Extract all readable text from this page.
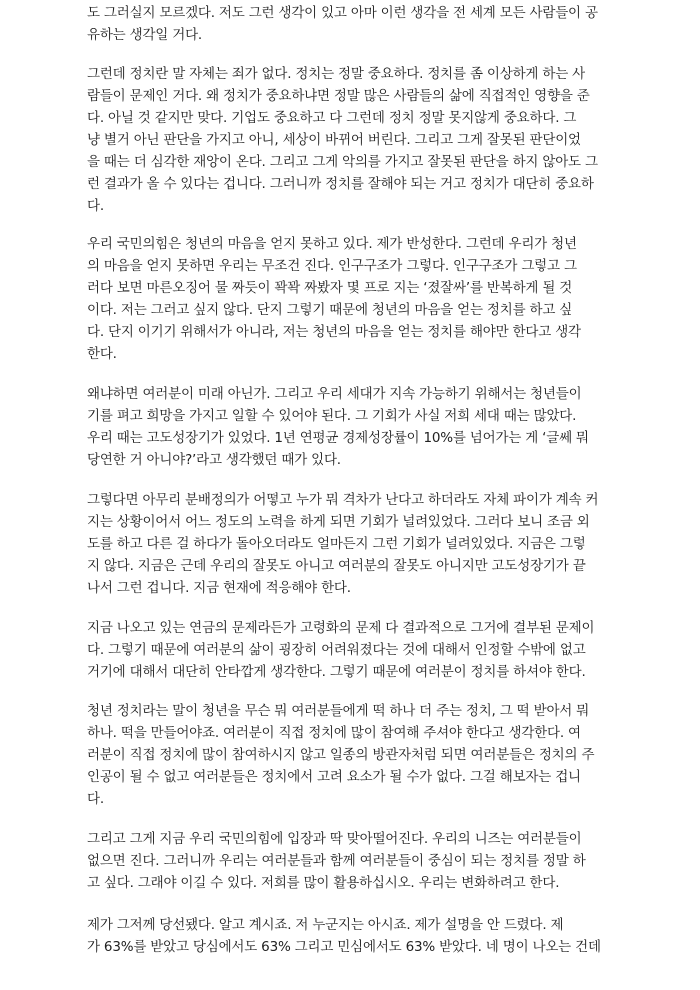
도 그러실지 모르겠다. 저도 그런 생각이 있고 아마 이런 생각을 전 세계 모든 사람들이 공
유하는 생각일 거다.

그런데 정치란 말 자체는 죄가 없다. 정치는 정말 중요하다. 정치를 좀 이상하게 하는 사
람들이 문제인 거다. 왜 정치가 중요하냐면 정말 많은 사람들의 삶에 직접적인 영향을 준
다. 아닐 것 같지만 맞다. 기업도 중요하고 다 그런데 정치 정말 못지않게 중요하다. 그
냥 별거 아닌 판단을 가지고 아니, 세상이 바뀌어 버린다. 그리고 그게 잘못된 판단이었
을 때는 더 심각한 재앙이 온다. 그리고 그게 악의를 가지고 잘못된 판단을 하지 않아도 그
런 결과가 올 수 있다는 겁니다. 그러니까 정치를 잘해야 되는 거고 정치가 대단히 중요하
다.

우리 국민의힘은 청년의 마음을 얻지 못하고 있다. 제가 반성한다. 그런데 우리가 청년
의 마음을 얻지 못하면 우리는 무조건 진다. 인구구조가 그렇다. 인구구조가 그렇고 그
러다 보면 마른오징어 물 짜듯이 꽉꽉 짜봤자 몇 프로 지는 ‘졌잘싸’를 반복하게 될 것
이다. 저는 그러고 싶지 않다. 단지 그렇기 때문에 청년의 마음을 얻는 정치를 하고 싶
다. 단지 이기기 위해서가 아니라, 저는 청년의 마음을 얻는 정치를 해야만 한다고 생각
한다.

왜냐하면 여러분이 미래 아닌가. 그리고 우리 세대가 지속 가능하기 위해서는 청년들이
기를 펴고 희망을 가지고 일할 수 있어야 된다. 그 기회가 사실 저희 세대 때는 많았다.
우리 때는 고도성장기가 있었다. 1년 연평균 경제성장률이 10%를 넘어가는 게 ‘글쎄 뭐
당연한 거 아니야?’라고 생각했던 때가 있다.

그렇다면 아무리 분배정의가 어떻고 누가 뭐 격차가 난다고 하더라도 자체 파이가 계속 커
지는 상황이어서 어느 정도의 노력을 하게 되면 기회가 널려있었다. 그러다 보니 조금 외
도를 하고 다른 걸 하다가 돌아오더라도 얼마든지 그런 기회가 널려있었다. 지금은 그렇
지 않다. 지금은 근데 우리의 잘못도 아니고 여러분의 잘못도 아니지만 고도성장기가 끝
나서 그런 겁니다. 지금 현재에 적응해야 한다.

지금 나오고 있는 연금의 문제라든가 고령화의 문제 다 결과적으로 그거에 결부된 문제이
다. 그렇기 때문에 여러분의 삶이 굉장히 어려워졌다는 것에 대해서 인정할 수밖에 없고
거기에 대해서 대단히 안타깝게 생각한다. 그렇기 때문에 여러분이 정치를 하셔야 한다.

청년 정치라는 말이 청년을 무슨 뭐 여러분들에게 떡 하나 더 주는 정치, 그 떡 받아서 뭐
하나. 떡을 만들어야죠. 여러분이 직접 정치에 많이 참여해 주셔야 한다고 생각한다. 여
러분이 직접 정치에 많이 참여하시지 않고 일종의 방관자처럼 되면 여러분들은 정치의 주
인공이 될 수 없고 여러분들은 정치에서 고려 요소가 될 수가 없다. 그걸 해보자는 겁니
다.

그리고 그게 지금 우리 국민의힘에 입장과 딱 맞아떨어진다. 우리의 니즈는 여러분들이
없으면 진다. 그러니까 우리는 여러분들과 함께 여러분들이 중심이 되는 정치를 정말 하
고 싶다. 그래야 이길 수 있다. 저희를 많이 활용하십시오. 우리는 변화하려고 한다.

제가 그저께 당선됐다. 알고 계시죠. 저 누군지는 아시죠. 제가 설명을 안 드렸다. 제
가 63%를 받았고 당심에서도 63% 그리고 민심에서도 63% 받았다. 네 명이 나오는 건데
